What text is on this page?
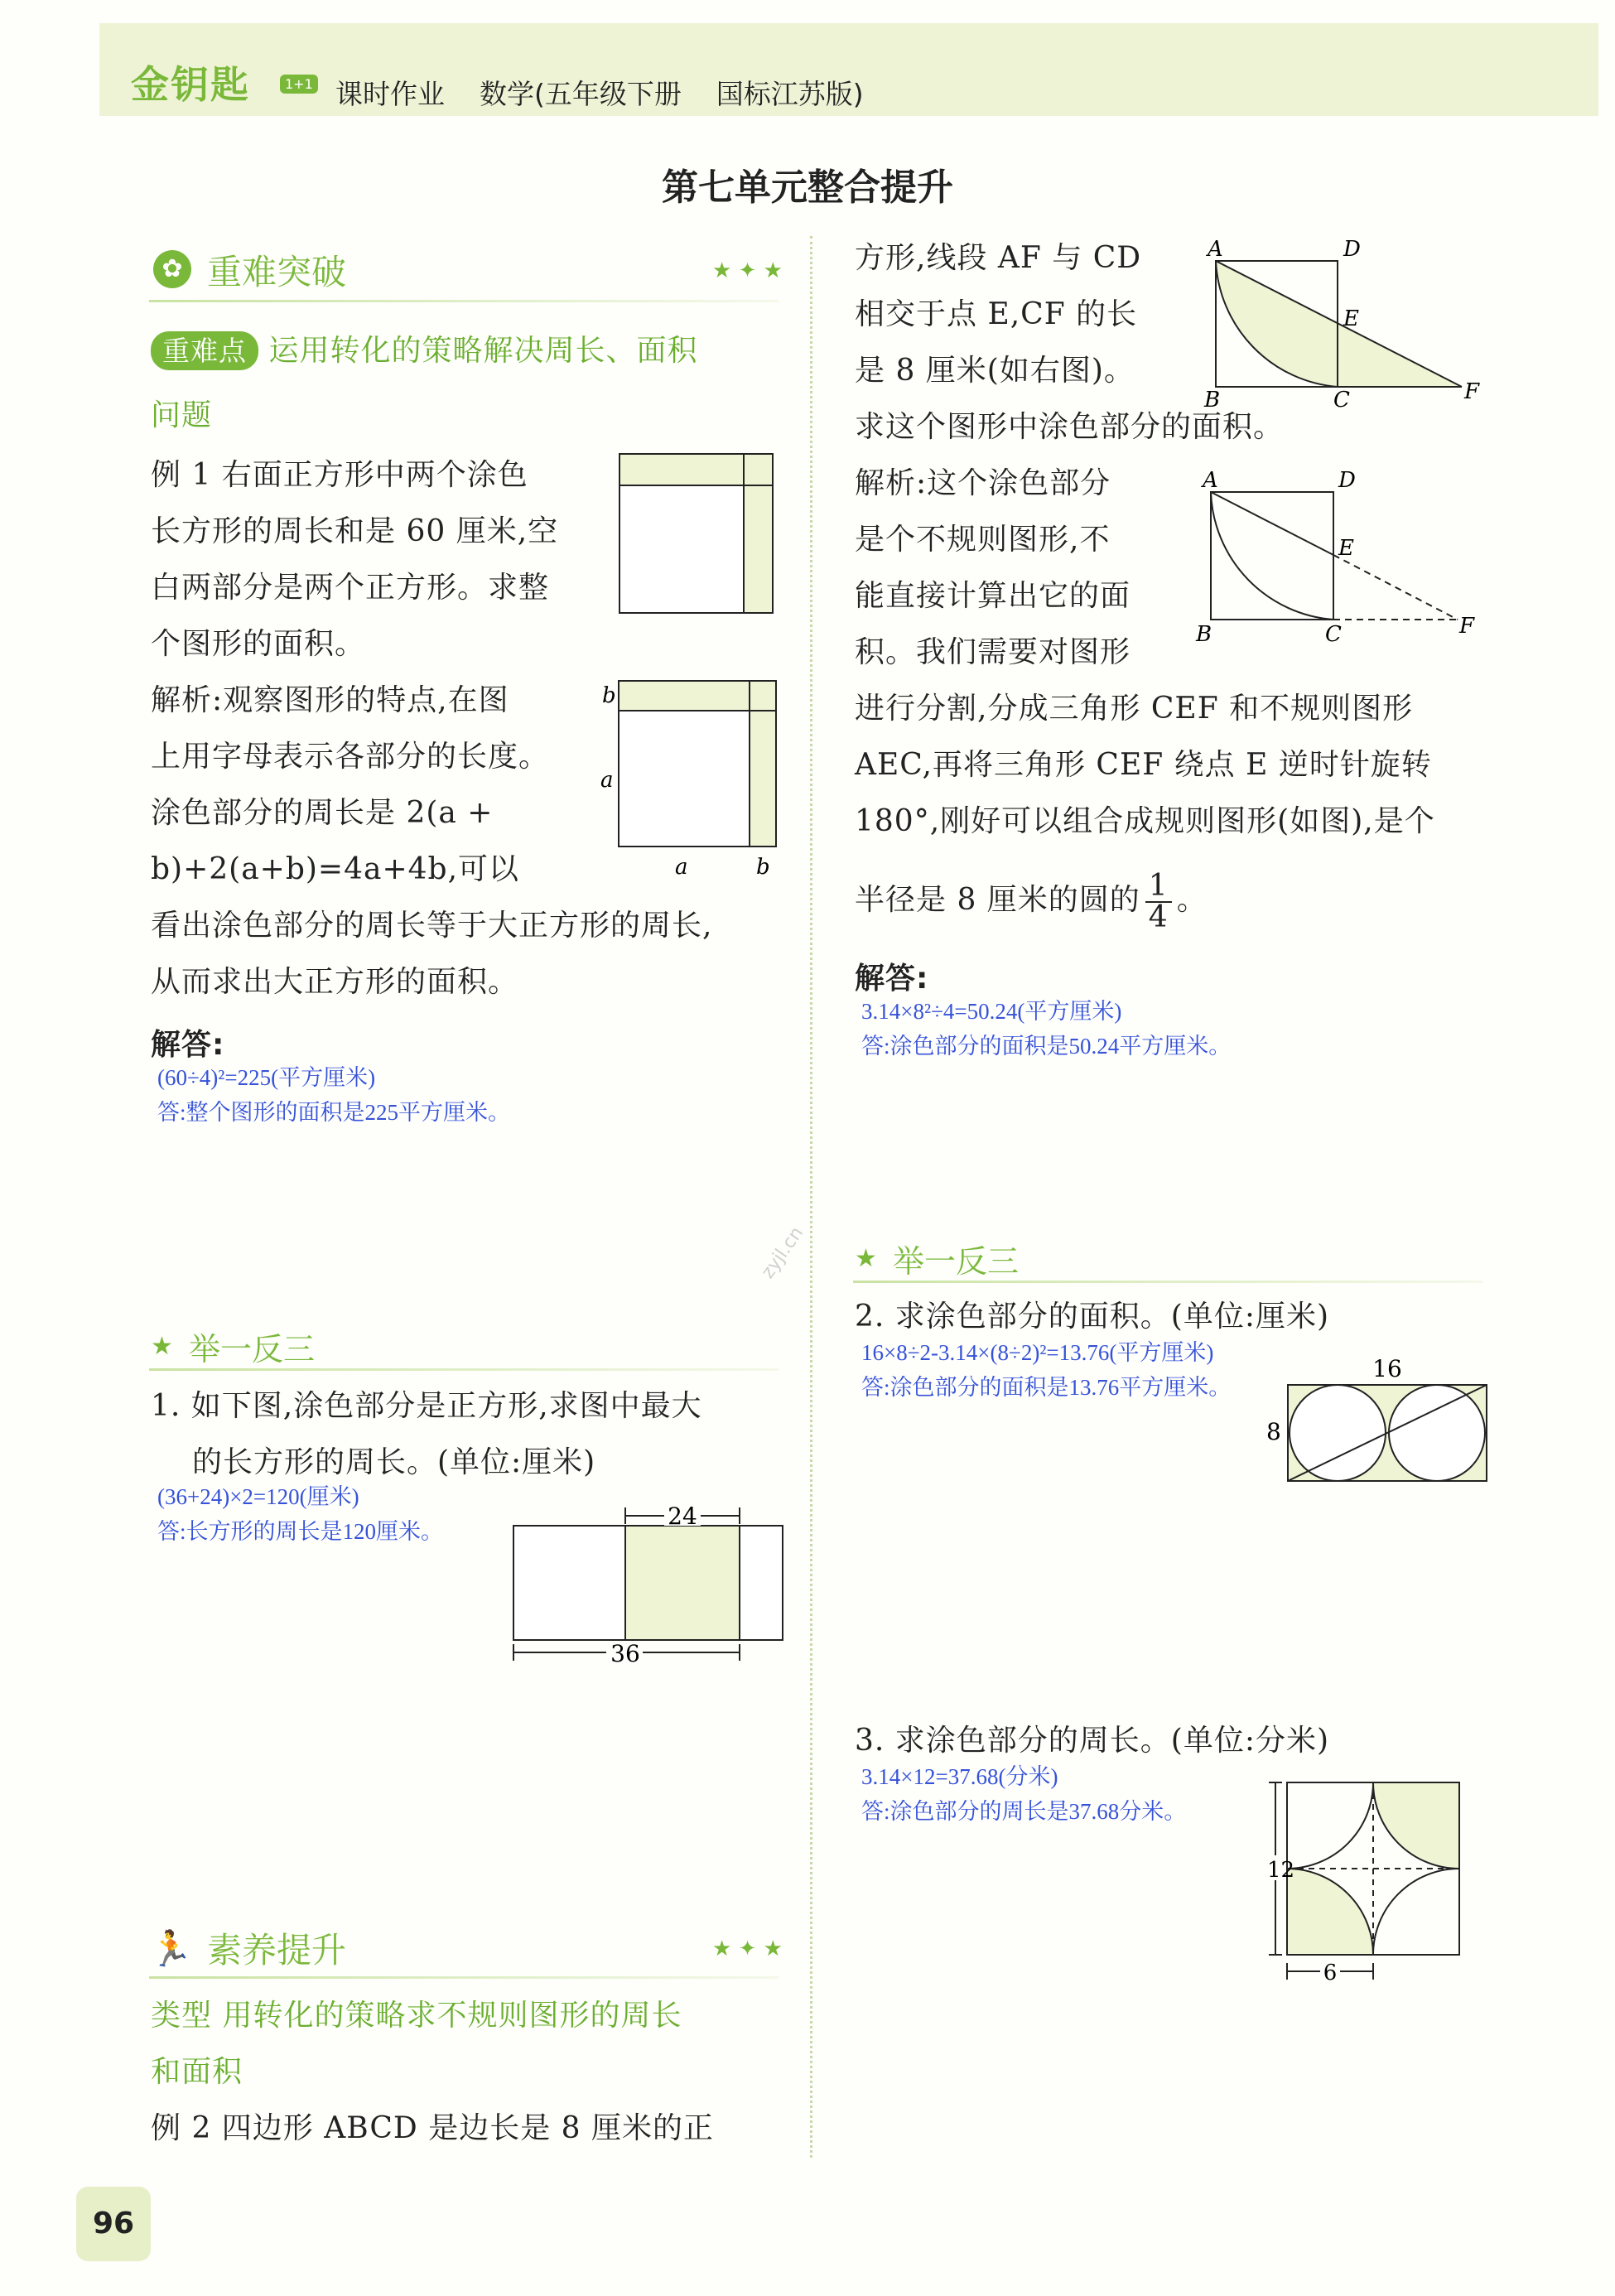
金钥匙	1+1 课时作业    数学(五年级下册    国标江苏版)
第七单元整合提升
✿ 重难突破	★ ✦ ★
重难点 运用转化的策略解决周长、面积
问题
例 1 右面正方形中两个涂色
长方形的周长和是 60 厘米,空
白两部分是两个正方形。求整
个图形的面积。
解析:观察图形的特点,在图
上用字母表示各部分的长度。
涂色部分的周长是 2(a +
b)+2(a+b)=4a+4b,可以
看出涂色部分的周长等于大正方形的周长,
从而求出大正方形的面积。
b
a
a	b
解答:
(60÷4)²=225(平方厘米)
答:整个图形的面积是225平方厘米。
★ 举一反三
1. 如下图,涂色部分是正方形,求图中最大
的长方形的周长。(单位:厘米)
(36+24)×2=120(厘米)
答:长方形的周长是120厘米。
24
36
🏃 素养提升	★ ✦ ★
类型 用转化的策略求不规则图形的周长
和面积
例 2 四边形 ABCD 是边长是 8 厘米的正
96
方形,线段 AF 与 CD
相交于点 E,CF 的长
是 8 厘米(如右图)。
求这个图形中涂色部分的面积。
A	D
E
B	C	F
解析:这个涂色部分
是个不规则图形,不
能直接计算出它的面
积。我们需要对图形
进行分割,分成三角形 CEF 和不规则图形
AEC,再将三角形 CEF 绕点 E 逆时针旋转
180°,刚好可以组合成规则图形(如图),是个
半径是 8 厘米的圆的 $\frac{1}{4}$ 。
A	D
E
B	C	F
解答:
3.14×8²÷4=50.24(平方厘米)
答:涂色部分的面积是50.24平方厘米。
zyjl.cn ★ 举一反三
2. 求涂色部分的面积。(单位:厘米)
16×8÷2-3.14×(8÷2)²=13.76(平方厘米)
答:涂色部分的面积是13.76平方厘米。
16
8
3. 求涂色部分的周长。(单位:分米)
3.14×12=37.68(分米)
答:涂色部分的周长是37.68分米。
12
6
